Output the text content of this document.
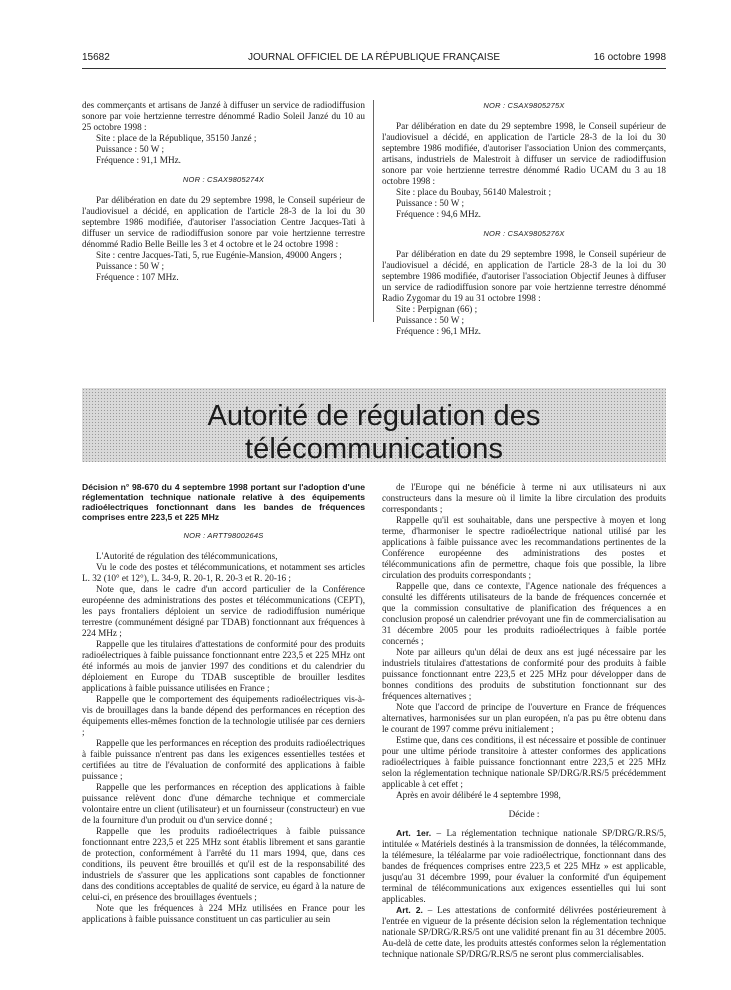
15682	JOURNAL OFFICIEL DE LA RÉPUBLIQUE FRANÇAISE	16 octobre 1998

des commerçants et artisans de Janzé à diffuser un service de radiodiffusion sonore par voie hertzienne terrestre dénommé Radio Soleil Janzé du 10 au 25 octobre 1998 :

Site : place de la République, 35150 Janzé ;

Puissance : 50 W ;

Fréquence : 91,1 MHz.

NOR : CSAX9805274X

Par délibération en date du 29 septembre 1998, le Conseil supérieur de l'audiovisuel a décidé, en application de l'article 28-3 de la loi du 30 septembre 1986 modifiée, d'autoriser l'association Centre Jacques-Tati à diffuser un service de radiodiffusion sonore par voie hertzienne terrestre dénommé Radio Belle Beille les 3 et 4 octobre et le 24 octobre 1998 :

Site : centre Jacques-Tati, 5, rue Eugénie-Mansion, 49000 Angers ;

Puissance : 50 W ;

Fréquence : 107 MHz.

NOR : CSAX9805275X

Par délibération en date du 29 septembre 1998, le Conseil supérieur de l'audiovisuel a décidé, en application de l'article 28-3 de la loi du 30 septembre 1986 modifiée, d'autoriser l'association Union des commerçants, artisans, industriels de Malestroit à diffuser un service de radiodiffusion sonore par voie hertzienne terrestre dénommé Radio UCAM du 3 au 18 octobre 1998 :

Site : place du Boubay, 56140 Malestroit ;

Puissance : 50 W ;

Fréquence : 94,6 MHz.

NOR : CSAX9805276X

Par délibération en date du 29 septembre 1998, le Conseil supérieur de l'audiovisuel a décidé, en application de l'article 28-3 de la loi du 30 septembre 1986 modifiée, d'autoriser l'association Objectif Jeunes à diffuser un service de radiodiffusion sonore par voie hertzienne terrestre dénommé Radio Zygomar du 19 au 31 octobre 1998 :

Site : Perpignan (66) ;

Puissance : 50 W ;

Fréquence : 96,1 MHz.

Autorité de régulation des télécommunications

Décision n° 98-670 du 4 septembre 1998 portant sur l'adoption d'une réglementation technique nationale relative à des équipements radioélectriques fonctionnant dans les bandes de fréquences comprises entre 223,5 et 225 MHz

NOR : ARTT9800264S

L'Autorité de régulation des télécommunications,

Vu le code des postes et télécommunications, et notamment ses articles L. 32 (10° et 12°), L. 34-9, R. 20-1, R. 20-3 et R. 20-16 ;

Note que, dans le cadre d'un accord particulier de la Conférence européenne des administrations des postes et télécommunications (CEPT), les pays frontaliers déploient un service de radiodiffusion numérique terrestre (communément désigné par TDAB) fonctionnant aux fréquences à 224 MHz ;

Rappelle que les titulaires d'attestations de conformité pour des produits radioélectriques à faible puissance fonctionnant entre 223,5 et 225 MHz ont été informés au mois de janvier 1997 des conditions et du calendrier du déploiement en Europe du TDAB susceptible de brouiller lesdites applications à faible puissance utilisées en France ;

Rappelle que le comportement des équipements radioélectriques vis-à-vis de brouillages dans la bande dépend des performances en réception des équipements elles-mêmes fonction de la technologie utilisée par ces derniers ;

Rappelle que les performances en réception des produits radioélectriques à faible puissance n'entrent pas dans les exigences essentielles testées et certifiées au titre de l'évaluation de conformité des applications à faible puissance ;

Rappelle que les performances en réception des applications à faible puissance relèvent donc d'une démarche technique et commerciale volontaire entre un client (utilisateur) et un fournisseur (constructeur) en vue de la fourniture d'un produit ou d'un service donné ;

Rappelle que les produits radioélectriques à faible puissance fonctionnant entre 223,5 et 225 MHz sont établis librement et sans garantie de protection, conformément à l'arrêté du 11 mars 1994, que, dans ces conditions, ils peuvent être brouillés et qu'il est de la responsabilité des industriels de s'assurer que les applications sont capables de fonctionner dans des conditions acceptables de qualité de service, eu égard à la nature de celui-ci, en présence des brouillages éventuels ;

Note que les fréquences à 224 MHz utilisées en France pour les applications à faible puissance constituent un cas particulier au sein

de l'Europe qui ne bénéficie à terme ni aux utilisateurs ni aux constructeurs dans la mesure où il limite la libre circulation des produits correspondants ;

Rappelle qu'il est souhaitable, dans une perspective à moyen et long terme, d'harmoniser le spectre radioélectrique national utilisé par les applications à faible puissance avec les recommandations pertinentes de la Conférence européenne des administrations des postes et télécommunications afin de permettre, chaque fois que possible, la libre circulation des produits correspondants ;

Rappelle que, dans ce contexte, l'Agence nationale des fréquences a consulté les différents utilisateurs de la bande de fréquences concernée et que la commission consultative de planification des fréquences a en conclusion proposé un calendrier prévoyant une fin de commercialisation au 31 décembre 2005 pour les produits radioélectriques à faible portée concernés ;

Note par ailleurs qu'un délai de deux ans est jugé nécessaire par les industriels titulaires d'attestations de conformité pour des produits à faible puissance fonctionnant entre 223,5 et 225 MHz pour développer dans de bonnes conditions des produits de substitution fonctionnant sur des fréquences alternatives ;

Note que l'accord de principe de l'ouverture en France de fréquences alternatives, harmonisées sur un plan européen, n'a pas pu être obtenu dans le courant de 1997 comme prévu initialement ;

Estime que, dans ces conditions, il est nécessaire et possible de continuer pour une ultime période transitoire à attester conformes des applications radioélectriques à faible puissance fonctionnant entre 223,5 et 225 MHz selon la réglementation technique nationale SP/DRG/R.RS/5 précédemment applicable à cet effet ;

Après en avoir délibéré le 4 septembre 1998,

Décide :

Art. 1er. – La réglementation technique nationale SP/DRG/R.RS/5, intitulée « Matériels destinés à la transmission de données, la télécommande, la télémesure, la téléalarme par voie radioélectrique, fonctionnant dans des bandes de fréquences comprises entre 223,5 et 225 MHz » est applicable, jusqu'au 31 décembre 1999, pour évaluer la conformité d'un équipement terminal de télécommunications aux exigences essentielles qui lui sont applicables.

Art. 2. – Les attestations de conformité délivrées postérieurement à l'entrée en vigueur de la présente décision selon la réglementation technique nationale SP/DRG/R.RS/5 ont une validité prenant fin au 31 décembre 2005. Au-delà de cette date, les produits attestés conformes selon la réglementation technique nationale SP/DRG/R.RS/5 ne seront plus commercialisables.
